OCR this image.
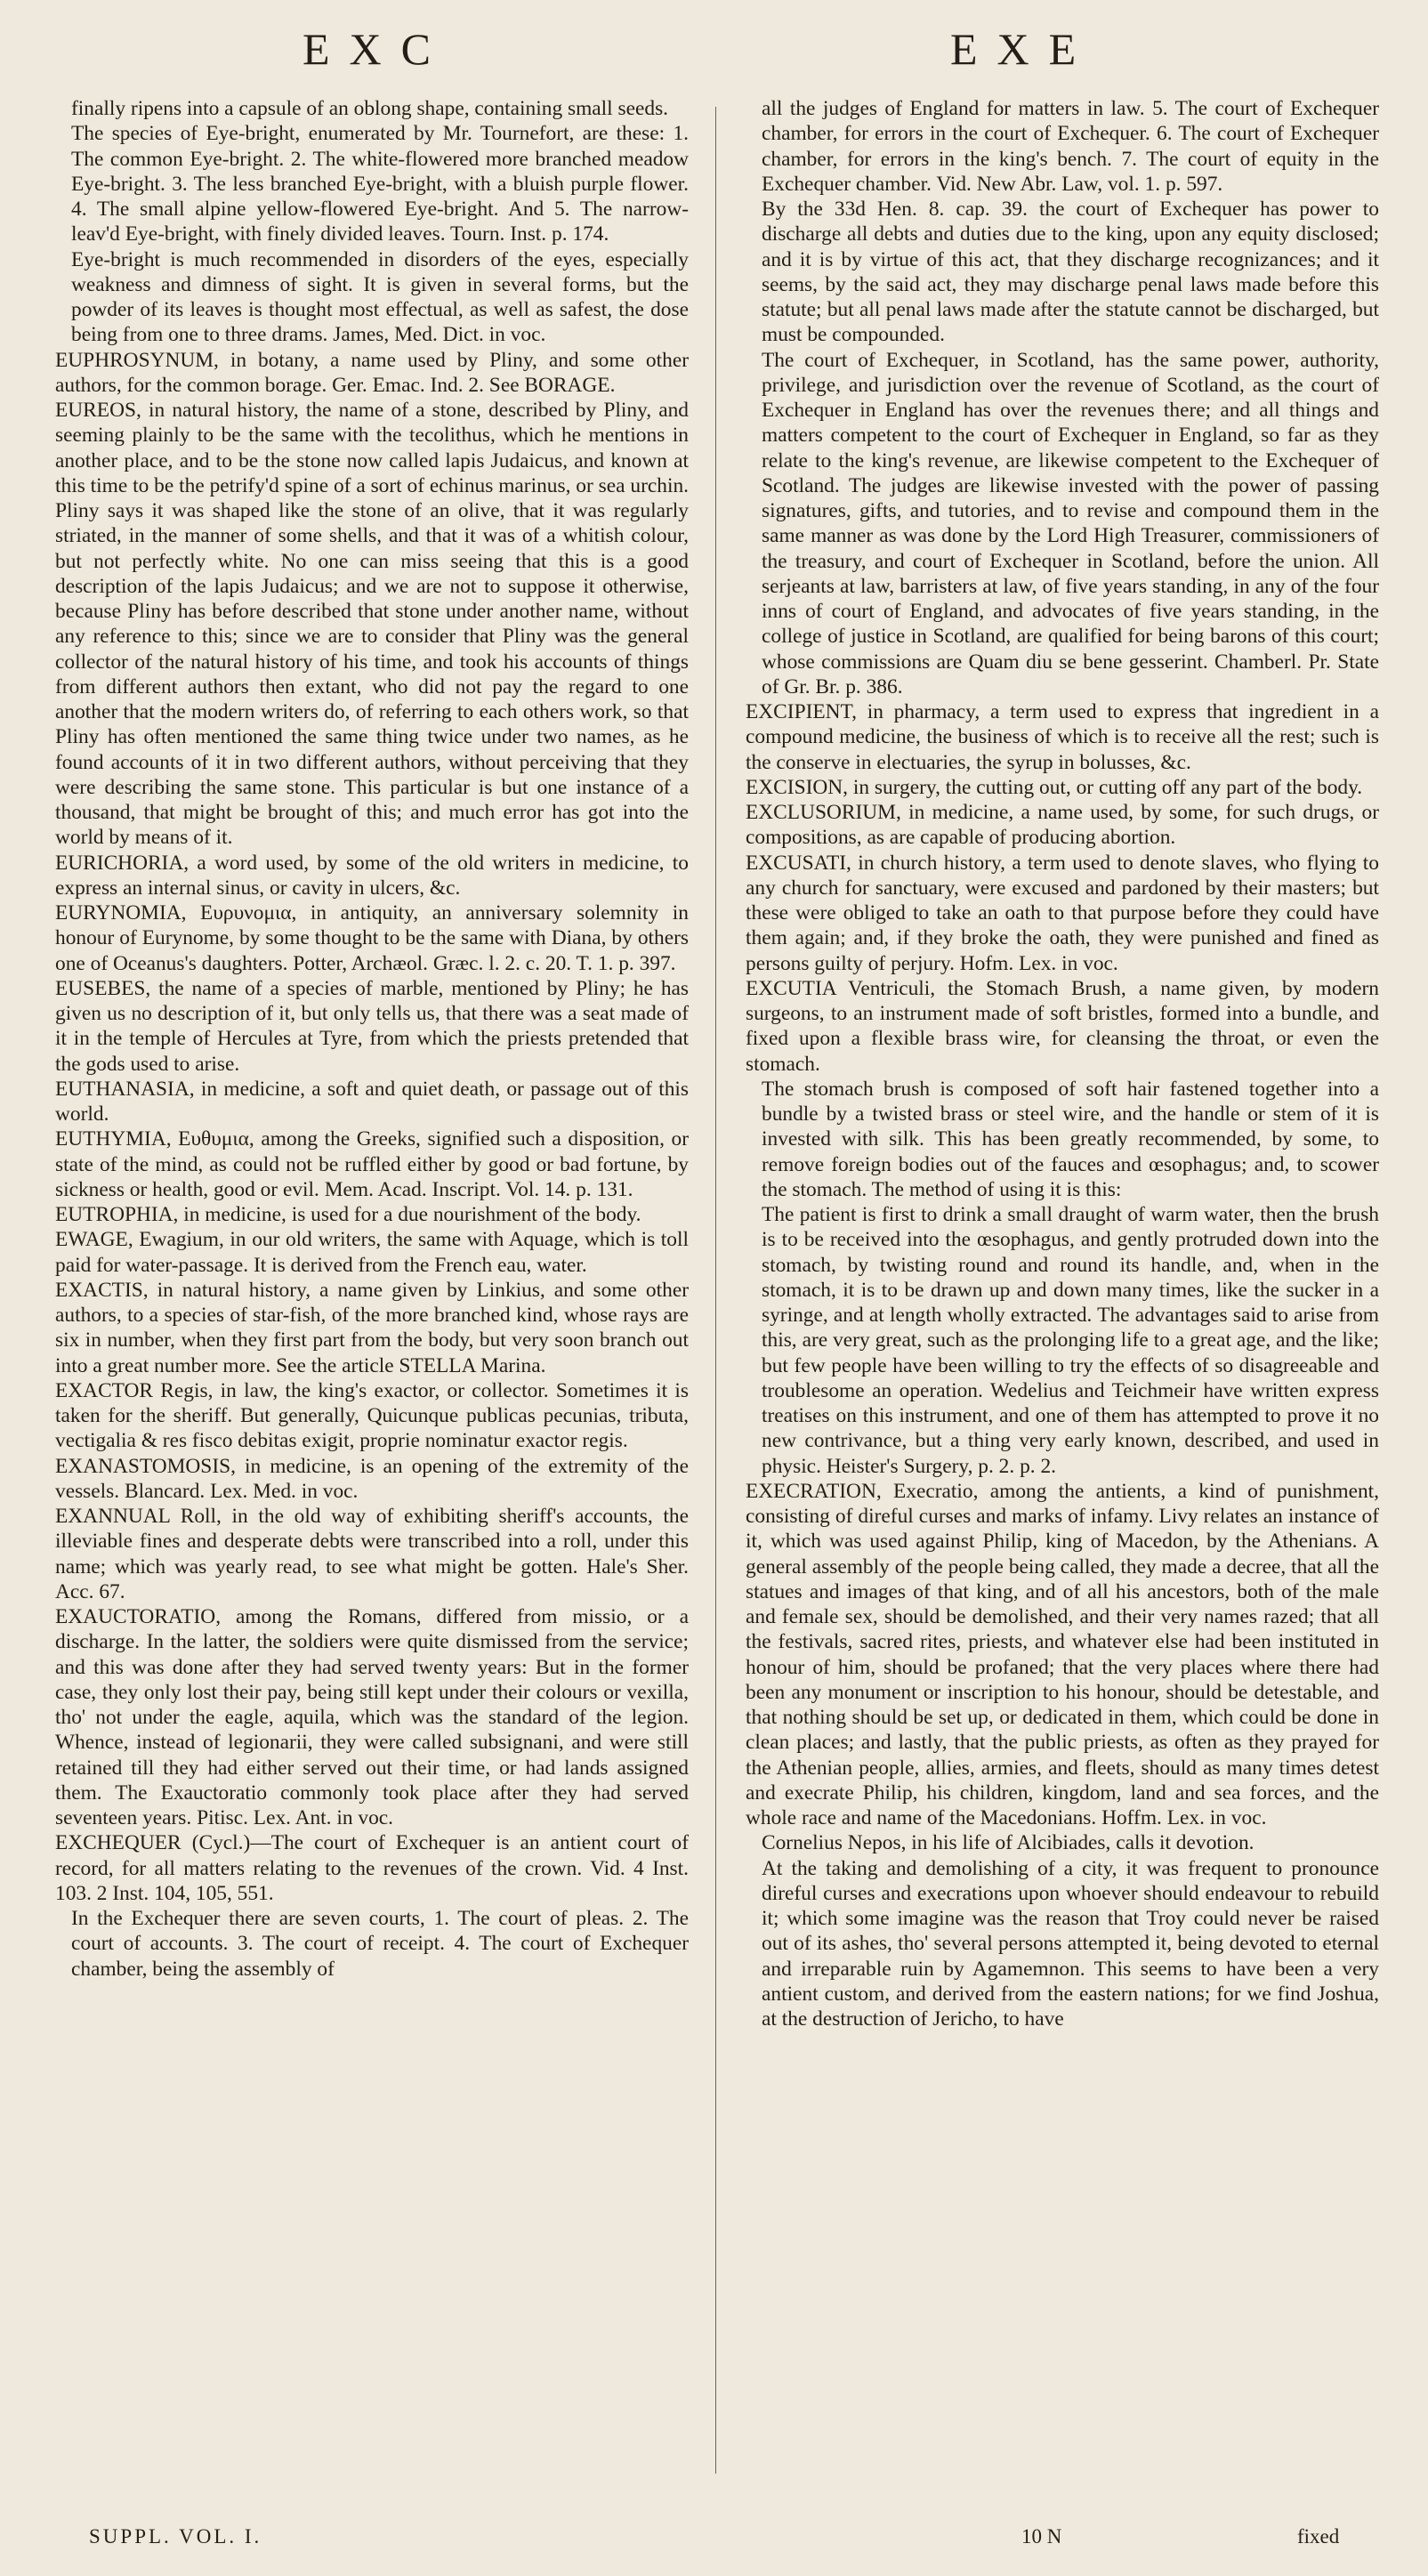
EXC	EXE

finally ripens into a capsule of an oblong shape, containing small seeds.

The species of Eye-bright, enumerated by Mr. Tournefort, are these: 1. The common Eye-bright. 2. The white-flowered more branched meadow Eye-bright. 3. The less branched Eye-bright, with a bluish purple flower. 4. The small alpine yellow-flowered Eye-bright. And 5. The narrow-leav'd Eye-bright, with finely divided leaves. Tourn. Inst. p. 174.

Eye-bright is much recommended in disorders of the eyes, especially weakness and dimness of sight. It is given in several forms, but the powder of its leaves is thought most effectual, as well as safest, the dose being from one to three drams. James, Med. Dict. in voc.

EUPHROSYNUM, in botany, a name used by Pliny, and some other authors, for the common borage. Ger. Emac. Ind. 2. See BORAGE.

EUREOS, in natural history, the name of a stone, described by Pliny, and seeming plainly to be the same with the tecolithus, which he mentions in another place, and to be the stone now called lapis Judaicus, and known at this time to be the petrify'd spine of a sort of echinus marinus, or sea urchin. Pliny says it was shaped like the stone of an olive, that it was regularly striated, in the manner of some shells, and that it was of a whitish colour, but not perfectly white. No one can miss seeing that this is a good description of the lapis Judaicus; and we are not to suppose it otherwise, because Pliny has before described that stone under another name, without any reference to this; since we are to consider that Pliny was the general collector of the natural history of his time, and took his accounts of things from different authors then extant, who did not pay the regard to one another that the modern writers do, of referring to each others work, so that Pliny has often mentioned the same thing twice under two names, as he found accounts of it in two different authors, without perceiving that they were describing the same stone. This particular is but one instance of a thousand, that might be brought of this; and much error has got into the world by means of it.

EURICHORIA, a word used, by some of the old writers in medicine, to express an internal sinus, or cavity in ulcers, &c.

EURYNOMIA, Ευρυνομια, in antiquity, an anniversary solemnity in honour of Eurynome, by some thought to be the same with Diana, by others one of Oceanus's daughters. Potter, Archæol. Græc. l. 2. c. 20. T. 1. p. 397.

EUSEBES, the name of a species of marble, mentioned by Pliny; he has given us no description of it, but only tells us, that there was a seat made of it in the temple of Hercules at Tyre, from which the priests pretended that the gods used to arise.

EUTHANASIA, in medicine, a soft and quiet death, or passage out of this world.

EUTHYMIA, Ευθυμια, among the Greeks, signified such a disposition, or state of the mind, as could not be ruffled either by good or bad fortune, by sickness or health, good or evil. Mem. Acad. Inscript. Vol. 14. p. 131.

EUTROPHIA, in medicine, is used for a due nourishment of the body.

EWAGE, Ewagium, in our old writers, the same with Aquage, which is toll paid for water-passage. It is derived from the French eau, water.

EXACTIS, in natural history, a name given by Linkius, and some other authors, to a species of star-fish, of the more branched kind, whose rays are six in number, when they first part from the body, but very soon branch out into a great number more. See the article STELLA Marina.

EXACTOR Regis, in law, the king's exactor, or collector. Sometimes it is taken for the sheriff. But generally, Quicunque publicas pecunias, tributa, vectigalia & res fisco debitas exigit, proprie nominatur exactor regis.

EXANASTOMOSIS, in medicine, is an opening of the extremity of the vessels. Blancard. Lex. Med. in voc.

EXANNUAL Roll, in the old way of exhibiting sheriff's accounts, the illeviable fines and desperate debts were transcribed into a roll, under this name; which was yearly read, to see what might be gotten. Hale's Sher. Acc. 67.

EXAUCTORATIO, among the Romans, differed from missio, or a discharge. In the latter, the soldiers were quite dismissed from the service; and this was done after they had served twenty years: But in the former case, they only lost their pay, being still kept under their colours or vexilla, tho' not under the eagle, aquila, which was the standard of the legion. Whence, instead of legionarii, they were called subsignani, and were still retained till they had either served out their time, or had lands assigned them. The Exauctoratio commonly took place after they had served seventeen years. Pitisc. Lex. Ant. in voc.

EXCHEQUER (Cycl.)—The court of Exchequer is an antient court of record, for all matters relating to the revenues of the crown. Vid. 4 Inst. 103. 2 Inst. 104, 105, 551.

In the Exchequer there are seven courts, 1. The court of pleas. 2. The court of accounts. 3. The court of receipt. 4. The court of Exchequer chamber, being the assembly of

all the judges of England for matters in law. 5. The court of Exchequer chamber, for errors in the court of Exchequer. 6. The court of Exchequer chamber, for errors in the king's bench. 7. The court of equity in the Exchequer chamber. Vid. New Abr. Law, vol. 1. p. 597.

By the 33d Hen. 8. cap. 39. the court of Exchequer has power to discharge all debts and duties due to the king, upon any equity disclosed; and it is by virtue of this act, that they discharge recognizances; and it seems, by the said act, they may discharge penal laws made before this statute; but all penal laws made after the statute cannot be discharged, but must be compounded.

The court of Exchequer, in Scotland, has the same power, authority, privilege, and jurisdiction over the revenue of Scotland, as the court of Exchequer in England has over the revenues there; and all things and matters competent to the court of Exchequer in England, so far as they relate to the king's revenue, are likewise competent to the Exchequer of Scotland. The judges are likewise invested with the power of passing signatures, gifts, and tutories, and to revise and compound them in the same manner as was done by the Lord High Treasurer, commissioners of the treasury, and court of Exchequer in Scotland, before the union. All serjeants at law, barristers at law, of five years standing, in any of the four inns of court of England, and advocates of five years standing, in the college of justice in Scotland, are qualified for being barons of this court; whose commissions are Quam diu se bene gesserint. Chamberl. Pr. State of Gr. Br. p. 386.

EXCIPIENT, in pharmacy, a term used to express that ingredient in a compound medicine, the business of which is to receive all the rest; such is the conserve in electuaries, the syrup in bolusses, &c.

EXCISION, in surgery, the cutting out, or cutting off any part of the body.

EXCLUSORIUM, in medicine, a name used, by some, for such drugs, or compositions, as are capable of producing abortion.

EXCUSATI, in church history, a term used to denote slaves, who flying to any church for sanctuary, were excused and pardoned by their masters; but these were obliged to take an oath to that purpose before they could have them again; and, if they broke the oath, they were punished and fined as persons guilty of perjury. Hofm. Lex. in voc.

EXCUTIA Ventriculi, the Stomach Brush, a name given, by modern surgeons, to an instrument made of soft bristles, formed into a bundle, and fixed upon a flexible brass wire, for cleansing the throat, or even the stomach.

The stomach brush is composed of soft hair fastened together into a bundle by a twisted brass or steel wire, and the handle or stem of it is invested with silk. This has been greatly recommended, by some, to remove foreign bodies out of the fauces and œsophagus; and, to scower the stomach. The method of using it is this:

The patient is first to drink a small draught of warm water, then the brush is to be received into the œsophagus, and gently protruded down into the stomach, by twisting round and round its handle, and, when in the stomach, it is to be drawn up and down many times, like the sucker in a syringe, and at length wholly extracted. The advantages said to arise from this, are very great, such as the prolonging life to a great age, and the like; but few people have been willing to try the effects of so disagreeable and troublesome an operation. Wedelius and Teichmeir have written express treatises on this instrument, and one of them has attempted to prove it no new contrivance, but a thing very early known, described, and used in physic. Heister's Surgery, p. 2. p. 2.

EXECRATION, Execratio, among the antients, a kind of punishment, consisting of direful curses and marks of infamy. Livy relates an instance of it, which was used against Philip, king of Macedon, by the Athenians. A general assembly of the people being called, they made a decree, that all the statues and images of that king, and of all his ancestors, both of the male and female sex, should be demolished, and their very names razed; that all the festivals, sacred rites, priests, and whatever else had been instituted in honour of him, should be profaned; that the very places where there had been any monument or inscription to his honour, should be detestable, and that nothing should be set up, or dedicated in them, which could be done in clean places; and lastly, that the public priests, as often as they prayed for the Athenian people, allies, armies, and fleets, should as many times detest and execrate Philip, his children, kingdom, land and sea forces, and the whole race and name of the Macedonians. Hoffm. Lex. in voc.

Cornelius Nepos, in his life of Alcibiades, calls it devotion.

At the taking and demolishing of a city, it was frequent to pronounce direful curses and execrations upon whoever should endeavour to rebuild it; which some imagine was the reason that Troy could never be raised out of its ashes, tho' several persons attempted it, being devoted to eternal and irreparable ruin by Agamemnon. This seems to have been a very antient custom, and derived from the eastern nations; for we find Joshua, at the destruction of Jericho, to have

SUPPL. VOL. I.	10 N	fixed
